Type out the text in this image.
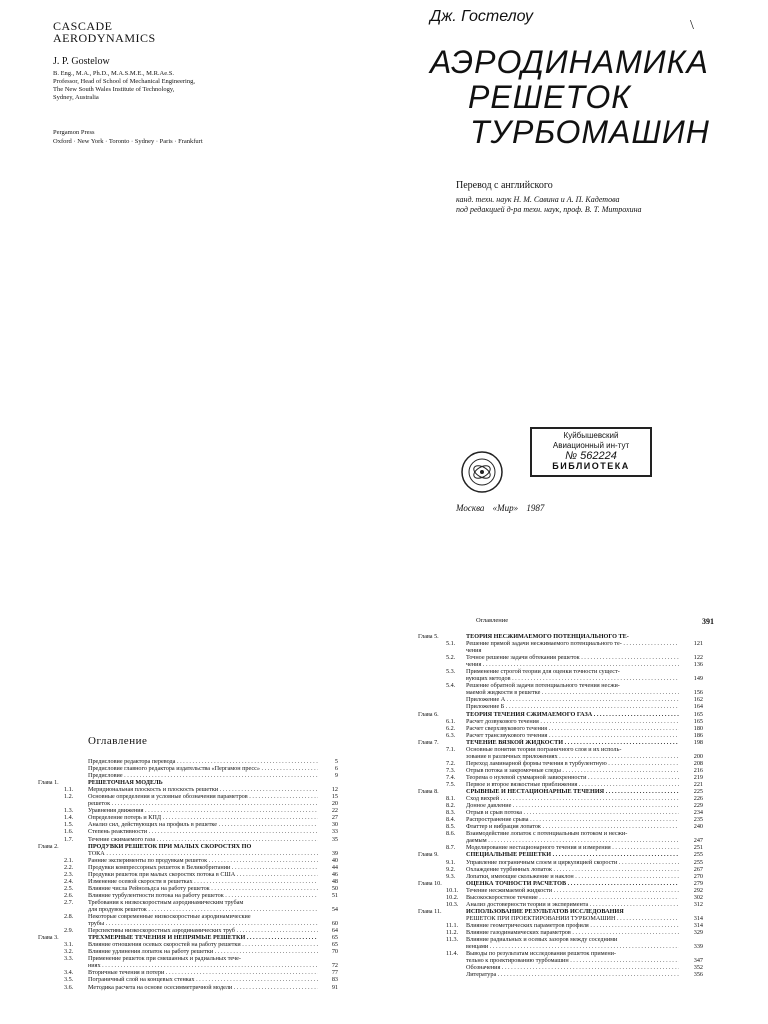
CASCADE
AERODYNAMICS
J. P. Gostelow
B. Eng., M.A., Ph.D., M.A.S.M.E., M.R.Ae.S.
Professor, Head of School of Mechanical Engineering,
The New South Wales Institute of Technology,
Sydney, Australia
Pergamon Press
Oxford · New York · Toronto · Sydney · Paris · Frankfurt
Дж. Гостелоу
\
АЭРОДИНАМИКА
РЕШЕТОК
ТУРБОМАШИН
Перевод с английского
канд. техн. наук Н. М. Савина и А. П. Кадетова
под редакцией д-ра техн. наук, проф. В. Т. Митрохина
Куйбышевский
Авиационный ин-тут
№ 562224
БИБЛИОТЕКА
Москва «Мир» 1987
Оглавление
Предисловие редактора перевода . . .	5
Предисловие главного редактора издательства «Пергамон пресс» . . .	6
Предисловие . . .	9
Глава 1.	РЕШЕТОЧНАЯ МОДЕЛЬ
1.1.	Меридиональная плоскость и плоскость решетки . . .	12
1.2.	Основные определения и условные обозначения параметров . . .	15
решеток . . .	20
1.3.	Уравнения движения . . .	22
1.4.	Определение потерь и КПД . . .	27
1.5.	Анализ сил, действующих на профиль в решетке . . .	30
1.6.	Степень реактивности . . .	33
1.7.	Течение сжимаемого газа . . .	35
Глава 2.	ПРОДУВКИ РЕШЕТОК ПРИ МАЛЫХ СКОРОСТЯХ ПО
ТОКА . . .	39
2.1.	Ранние эксперименты по продувкам решеток . . .	40
2.2.	Продувки компрессорных решеток в Великобритании . . .	44
2.3.	Продувки решеток при малых скоростях потока в США . . .	46
2.4.	Изменение осевой скорости в решетках . . .	48
2.5.	Влияние числа Рейнольдса на работу решеток . . .	50
2.6.	Влияние турбулентности потока на работу решеток . . .	51
2.7.	Требования к низкоскоростным аэродинамическим трубам
для продувок решеток . . .	54
2.8.	Некоторые современные низкоскоростные аэродинамические
трубы . . .	60
2.9.	Перспективы низкоскоростных аэродинамических труб . . .	64
Глава 3.	ТРЕХМЕРНЫЕ ТЕЧЕНИЯ И НЕПРЯМЫЕ РЕШЕТКИ . . .	65
3.1.	Влияние отношения осевых скоростей на работу решетки . . .	65
3.2.	Влияние удлинения лопаток на работу решетки . . .	70
3.3.	Применение решеток при смешанных и радиальных тече-
ниях . . .	72
3.4.	Вторичные течения и потери . . .	77
3.5.	Пограничный слой на концевых стенках . . .	83
3.6.	Методика расчета на основе осесимметричной модели . . .	91
Оглавление	391
Глава 5.	ТЕОРИЯ НЕСЖИМАЕМОГО ПОТЕНЦИАЛЬНОГО ТЕ-
5.1.	Решение прямой задачи несжимаемого потенциального те- . . .	121
чения
5.2.	Точное решение задачи обтекания решеток . . .	122
чения . . .	136
5.3.	Применение строгой теории для оценки точности сущест-
вующих методов . . .	149
5.4.	Решение обратной задачи потенциального течения несжи-
маемой жидкости в решетке . . .	156
Приложение А . . .	162
Приложение Б . . .	164
Глава 6.	ТЕОРИЯ ТЕЧЕНИЯ СЖИМАЕМОГО ГАЗА . . .	165
6.1.	Расчет дозвукового течения . . .	165
6.2.	Расчет сверхзвукового течения . . .	180
6.3.	Расчет трансзвукового течения . . .	186
Глава 7.	ТЕЧЕНИЕ ВЯЗКОЙ ЖИДКОСТИ . . .	198
7.1.	Основные понятия теории пограничного слоя и их исполь-
зование в различных приложениях . . .	200
7.2.	Переход ламинарной формы течения в турбулентную . . .	208
7.3.	Отрыв потока и закромочные следы . . .	216
7.4.	Теорема о нулевой суммарной завихренности . . .	219
7.5.	Первое и второе вязкостные приближения . . .	221
Глава 8.	СРЫВНЫЕ И НЕСТАЦИОНАРНЫЕ ТЕЧЕНИЯ . . .	225
8.1.	Сход вихрей . . .	226
8.2.	Донное давление . . .	229
8.3.	Отрыв и срыв потока . . .	234
8.4.	Распространение срыва . . .	235
8.5.	Флаттер и вибрация лопаток . . .	240
8.6.	Взаимодействие лопаток с потенциальным потоком и несжи-
даемым . . .	247
8.7.	Моделирование нестационарного течения и измерения . . .	251
Глава 9.	СПЕЦИАЛЬНЫЕ РЕШЕТКИ . . .	255
9.1.	Управление пограничным слоем и циркуляцией скорости . . .	255
9.2.	Охлаждение турбинных лопаток . . .	267
9.3.	Лопатки, имеющие скольжение и наклон . . .	270
Глава 10.	ОЦЕНКА ТОЧНОСТИ РАСЧЕТОВ . . .	279
10.1.	Течение несжимаемой жидкости . . .	292
10.2.	Высокоскоростное течение . . .	302
10.3.	Анализ достоверности теории и эксперимента . . .	312
Глава 11.	ИСПОЛЬЗОВАНИЕ РЕЗУЛЬТАТОВ ИССЛЕДОВАНИЯ
РЕШЕТОК ПРИ ПРОЕКТИРОВАНИИ ТУРБОМАШИН . . .	314
11.1.	Влияние геометрических параметров профиля . . .	314
11.2.	Влияние газодинамических параметров . . .	329
11.3.	Влияние радиальных и осевых зазоров между соседними
венцами . . .	339
11.4.	Выводы по результатам исследования решеток примени-
тельно к проектированию турбомашин . . .	347
Обозначения . . .	352
Литература . . .	356
